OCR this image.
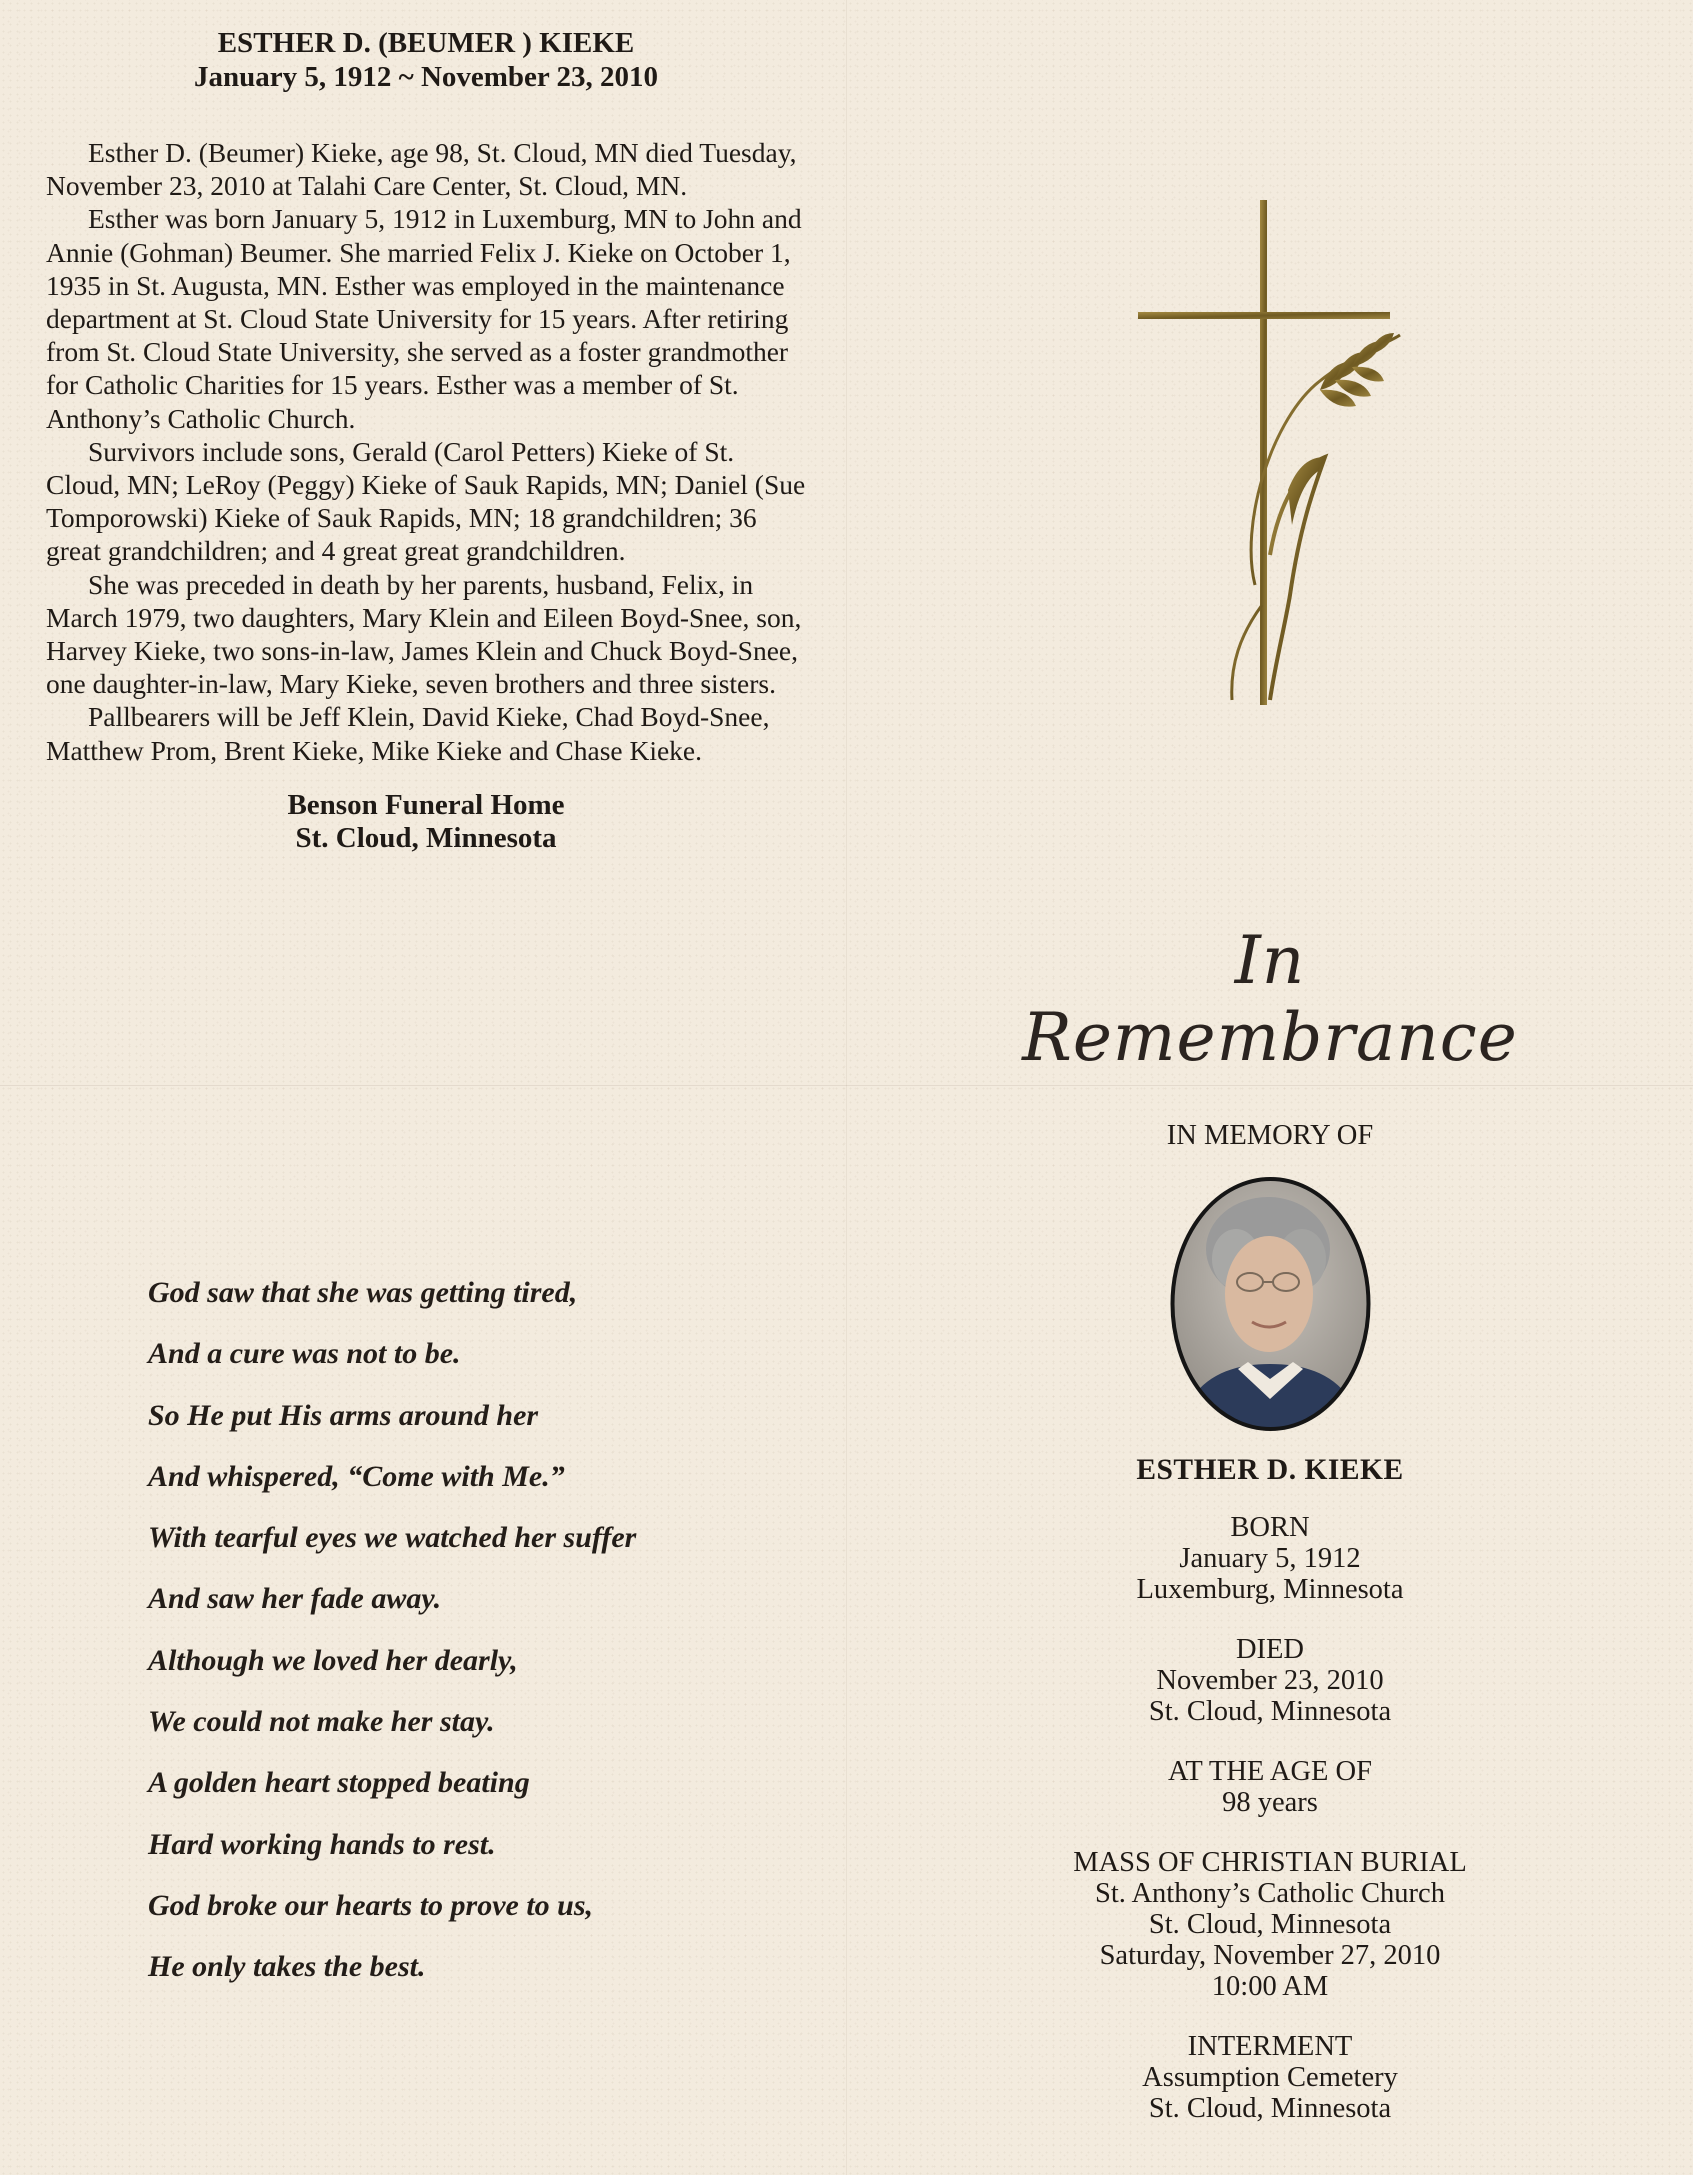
ESTHER D. (BEUMER ) KIEKE
January 5, 1912 ~ November 23, 2010

Esther D. (Beumer) Kieke, age 98, St. Cloud, MN died Tuesday, November 23, 2010 at Talahi Care Center, St. Cloud, MN.

Esther was born January 5, 1912 in Luxemburg, MN to John and Annie (Gohman) Beumer. She married Felix J. Kieke on October 1, 1935 in St. Augusta, MN. Esther was employed in the maintenance department at St. Cloud State University for 15 years. After retiring from St. Cloud State University, she served as a foster grandmother for Catholic Charities for 15 years. Esther was a member of St. Anthony’s Catholic Church.

Survivors include sons, Gerald (Carol Petters) Kieke of St. Cloud, MN; LeRoy (Peggy) Kieke of Sauk Rapids, MN; Daniel (Sue Tomporowski) Kieke of Sauk Rapids, MN; 18 grandchildren; 36 great grandchildren; and 4 great great grandchildren.

She was preceded in death by her parents, husband, Felix, in March 1979, two daughters, Mary Klein and Eileen Boyd-Snee, son, Harvey Kieke, two sons-in-law, James Klein and Chuck Boyd-Snee, one daughter-in-law, Mary Kieke, seven brothers and three sisters.

Pallbearers will be Jeff Klein, David Kieke, Chad Boyd-Snee, Matthew Prom, Brent Kieke, Mike Kieke and Chase Kieke.

Benson Funeral Home
St. Cloud, Minnesota
In Remembrance
God saw that she was getting tired,
And a cure was not to be.
So He put His arms around her
And whispered, “Come with Me.”
With tearful eyes we watched her suffer
And saw her fade away.
Although we loved her dearly,
We could not make her stay.
A golden heart stopped beating
Hard working hands to rest.
God broke our hearts to prove to us,
He only takes the best.
IN MEMORY OF
ESTHER D. KIEKE
BORN
January 5, 1912
Luxemburg, Minnesota
DIED
November 23, 2010
St. Cloud, Minnesota
AT THE AGE OF
98 years
MASS OF CHRISTIAN BURIAL
St. Anthony’s Catholic Church
St. Cloud, Minnesota
Saturday, November 27, 2010
10:00 AM
INTERMENT
Assumption Cemetery
St. Cloud, Minnesota
